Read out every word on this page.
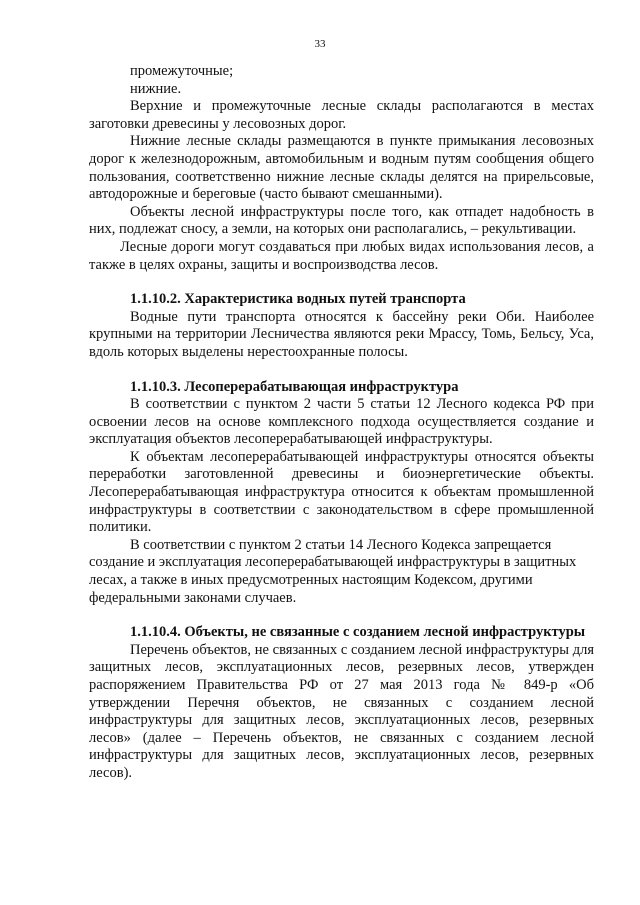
33

промежуточные;

нижние.

Верхние и промежуточные лесные склады располагаются в местах заготовки древесины у лесовозных дорог.

Нижние лесные склады размещаются в пункте примыкания лесовозных дорог к железнодорожным, автомобильным и водным путям сообщения общего пользования, соответственно нижние лесные склады делятся на прирельсовые, автодорожные и береговые (часто бывают смешанными).

Объекты лесной инфраструктуры после того, как отпадет надобность в них, подлежат сносу, а земли, на которых они располагались, – рекультивации.

Лесные дороги могут создаваться при любых видах использования лесов, а также в целях охраны, защиты и воспроизводства лесов.

1.1.10.2. Характеристика водных путей транспорта

Водные пути транспорта относятся к бассейну реки Оби. Наиболее крупными на территории Лесничества являются реки Мрассу, Томь, Бельсу, Уса, вдоль которых выделены нерестоохранные полосы.

1.1.10.3. Лесоперерабатывающая инфраструктура

В соответствии с пунктом 2 части 5 статьи 12 Лесного кодекса РФ при освоении лесов на основе комплексного подхода осуществляется создание и эксплуатация объектов лесоперерабатывающей инфраструктуры.

К объектам лесоперерабатывающей инфраструктуры относятся объекты переработки заготовленной древесины и биоэнергетические объекты. Лесоперерабатывающая инфраструктура относится к объектам промышленной инфраструктуры в соответствии с законодательством в сфере промышленной политики.

В соответствии с пунктом 2 статьи 14 Лесного Кодекса запрещается создание и эксплуатация лесоперерабатывающей инфраструктуры в защитных лесах, а также в иных предусмотренных настоящим Кодексом, другими федеральными законами случаев.

1.1.10.4. Объекты, не связанные с созданием лесной инфраструктуры

Перечень объектов, не связанных с созданием лесной инфраструктуры для защитных лесов, эксплуатационных лесов, резервных лесов, утвержден распоряжением Правительства РФ от 27 мая 2013 года № 849-р «Об утверждении Перечня объектов, не связанных с созданием лесной инфраструктуры для защитных лесов, эксплуатационных лесов, резервных лесов» (далее – Перечень объектов, не связанных с созданием лесной инфраструктуры для защитных лесов, эксплуатационных лесов, резервных лесов).
